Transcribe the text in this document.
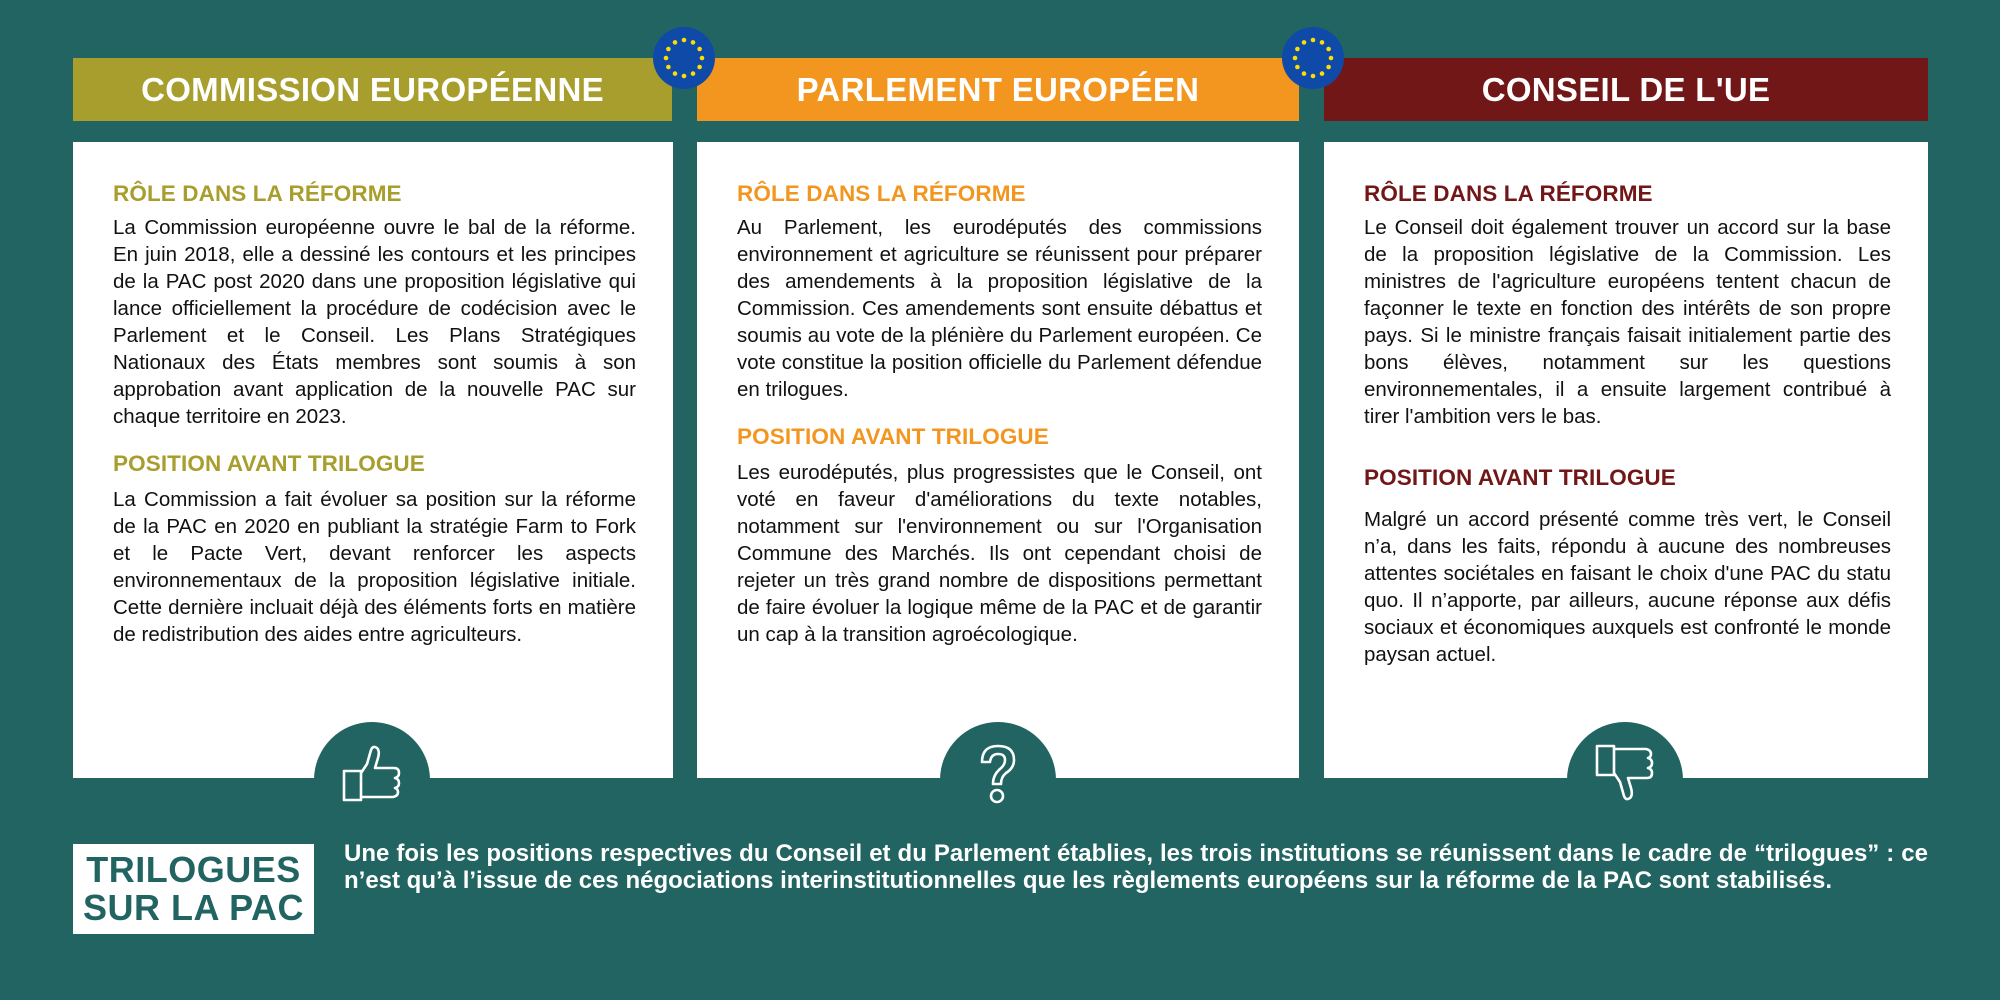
COMMISSION EUROPÉENNE	PARLEMENT EUROPÉEN	CONSEIL DE L'UE
RÔLE DANS LA RÉFORME
La Commission européenne ouvre le bal de la réforme. En juin 2018, elle a dessiné les contours et les principes de la PAC post 2020 dans une proposition législative qui lance officiellement la procédure de codécision avec le Parlement et le Conseil. Les Plans Stratégiques Nationaux des États membres sont soumis à son approbation avant application de la nouvelle PAC sur chaque territoire en 2023.
POSITION AVANT TRILOGUE
La Commission a fait évoluer sa position sur la réforme de la PAC en 2020 en publiant la stratégie Farm to Fork et le Pacte Vert, devant renforcer les aspects environnementaux de la proposition législative initiale. Cette dernière incluait déjà des éléments forts en matière de redistribution des aides entre agriculteurs.
RÔLE DANS LA RÉFORME
Au Parlement, les eurodéputés des commissions environnement et agriculture se réunissent pour préparer des amendements à la proposition législative de la Commission. Ces amendements sont ensuite débattus et soumis au vote de la plénière du Parlement européen. Ce vote constitue la position officielle du Parlement défendue en trilogues.
POSITION AVANT TRILOGUE
Les eurodéputés, plus progressistes que le Conseil, ont voté en faveur d'améliorations du texte notables, notamment sur l'environnement ou sur l'Organisation Commune des Marchés. Ils ont cependant choisi de rejeter un très grand nombre de dispositions permettant de faire évoluer la logique même de la PAC et de garantir un cap à la transition agroécologique.
RÔLE DANS LA RÉFORME
Le Conseil doit également trouver un accord sur la base de la proposition législative de la Commission. Les ministres de l'agriculture européens tentent chacun de façonner le texte en fonction des intérêts de son propre pays. Si le ministre français faisait initialement partie des bons élèves, notamment sur les questions environnementales, il a ensuite largement contribué à tirer l'ambition vers le bas.
POSITION AVANT TRILOGUE
Malgré un accord présenté comme très vert, le Conseil n’a, dans les faits, répondu à aucune des nombreuses attentes sociétales en faisant le choix d'une PAC du statu quo. Il n’apporte, par ailleurs, aucune réponse aux défis sociaux et économiques auxquels est confronté le monde paysan actuel.
TRILOGUES
SUR LA PAC
Une fois les positions respectives du Conseil et du Parlement établies, les trois institutions se réunissent dans le cadre de “trilogues” : ce n’est qu’à l’issue de ces négociations interinstitutionnelles que les règlements européens sur la réforme de la PAC sont stabilisés.
